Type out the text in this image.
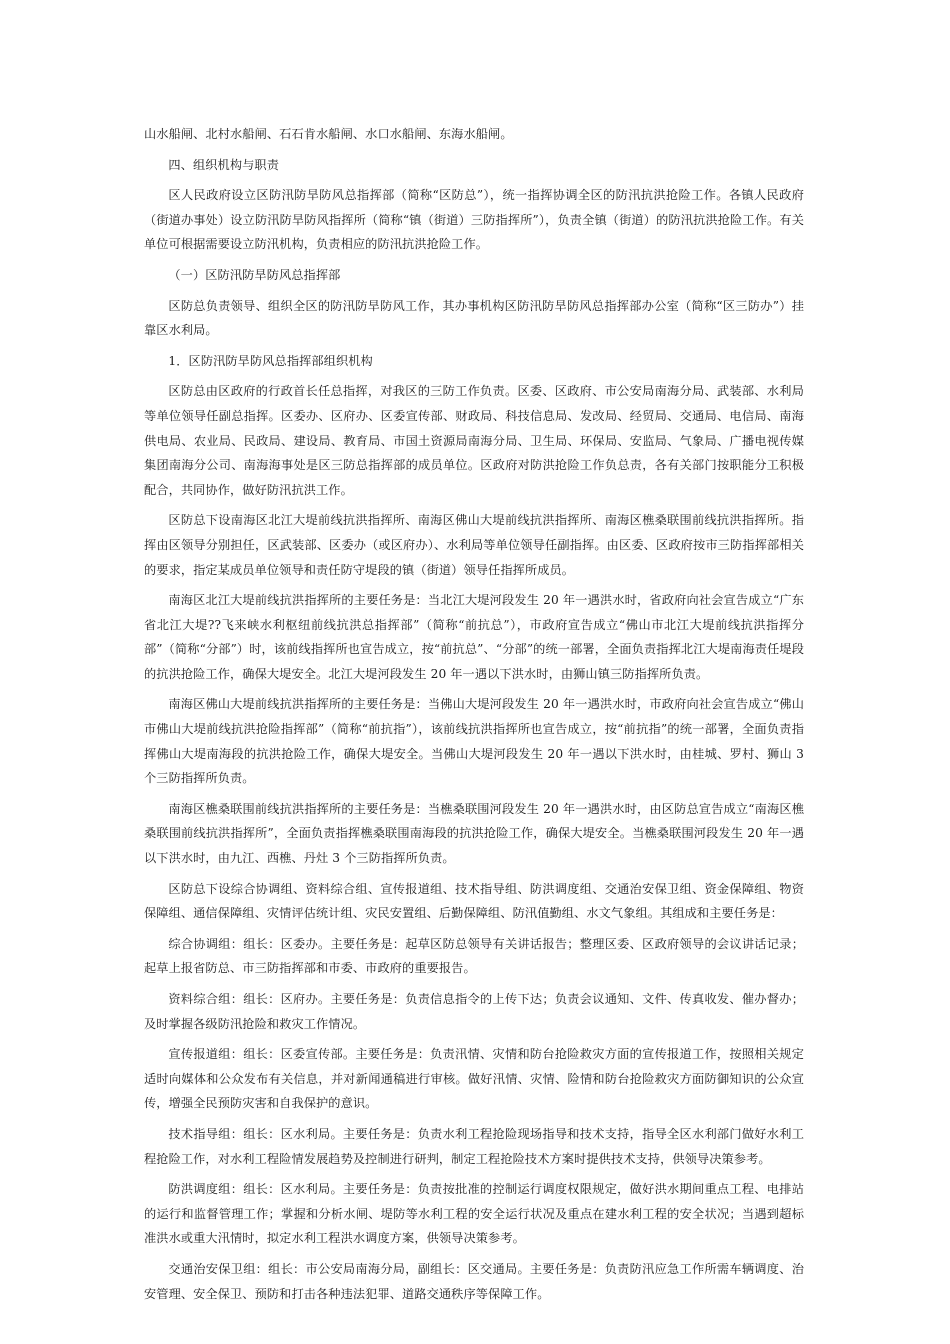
山水船闸、北村水船闸、石石肯水船闸、水口水船闸、东海水船闸。

四、组织机构与职责

区人民政府设立区防汛防旱防风总指挥部（简称“区防总”），统一指挥协调全区的防汛抗洪抢险工作。各镇人民政府（街道办事处）设立防汛防旱防风指挥所（简称“镇（街道）三防指挥所”），负责全镇（街道）的防汛抗洪抢险工作。有关单位可根据需要设立防汛机构，负责相应的防汛抗洪抢险工作。

（一）区防汛防旱防风总指挥部

区防总负责领导、组织全区的防汛防旱防风工作，其办事机构区防汛防旱防风总指挥部办公室（简称“区三防办”）挂靠区水利局。

1．区防汛防旱防风总指挥部组织机构

区防总由区政府的行政首长任总指挥，对我区的三防工作负责。区委、区政府、市公安局南海分局、武装部、水利局等单位领导任副总指挥。区委办、区府办、区委宣传部、财政局、科技信息局、发改局、经贸局、交通局、电信局、南海供电局、农业局、民政局、建设局、教育局、市国土资源局南海分局、卫生局、环保局、安监局、气象局、广播电视传媒集团南海分公司、南海海事处是区三防总指挥部的成员单位。区政府对防洪抢险工作负总责，各有关部门按职能分工积极配合，共同协作，做好防汛抗洪工作。

区防总下设南海区北江大堤前线抗洪指挥所、南海区佛山大堤前线抗洪指挥所、南海区樵桑联围前线抗洪指挥所。指挥由区领导分别担任，区武装部、区委办（或区府办）、水利局等单位领导任副指挥。由区委、区政府按市三防指挥部相关的要求，指定某成员单位领导和责任防守堤段的镇（街道）领导任指挥所成员。

南海区北江大堤前线抗洪指挥所的主要任务是：当北江大堤河段发生 20 年一遇洪水时，省政府向社会宣告成立“广东省北江大堤??飞来峡水利枢纽前线抗洪总指挥部”（简称“前抗总”），市政府宣告成立“佛山市北江大堤前线抗洪指挥分部”（简称“分部”）时，该前线指挥所也宣告成立，按“前抗总”、“分部”的统一部署，全面负责指挥北江大堤南海责任堤段的抗洪抢险工作，确保大堤安全。北江大堤河段发生 20 年一遇以下洪水时，由狮山镇三防指挥所负责。

南海区佛山大堤前线抗洪指挥所的主要任务是：当佛山大堤河段发生 20 年一遇洪水时，市政府向社会宣告成立“佛山市佛山大堤前线抗洪抢险指挥部”（简称“前抗指”），该前线抗洪指挥所也宣告成立，按“前抗指”的统一部署，全面负责指挥佛山大堤南海段的抗洪抢险工作，确保大堤安全。当佛山大堤河段发生 20 年一遇以下洪水时，由桂城、罗村、狮山 3 个三防指挥所负责。

南海区樵桑联围前线抗洪指挥所的主要任务是：当樵桑联围河段发生 20 年一遇洪水时，由区防总宣告成立“南海区樵桑联围前线抗洪指挥所”，全面负责指挥樵桑联围南海段的抗洪抢险工作，确保大堤安全。当樵桑联围河段发生 20 年一遇以下洪水时，由九江、西樵、丹灶 3 个三防指挥所负责。

区防总下设综合协调组、资料综合组、宣传报道组、技术指导组、防洪调度组、交通治安保卫组、资金保障组、物资保障组、通信保障组、灾情评估统计组、灾民安置组、后勤保障组、防汛值勤组、水文气象组。其组成和主要任务是：

综合协调组：组长：区委办。主要任务是：起草区防总领导有关讲话报告；整理区委、区政府领导的会议讲话记录；起草上报省防总、市三防指挥部和市委、市政府的重要报告。

资料综合组：组长：区府办。主要任务是：负责信息指令的上传下达；负责会议通知、文件、传真收发、催办督办；及时掌握各级防汛抢险和救灾工作情况。

宣传报道组：组长：区委宣传部。主要任务是：负责汛情、灾情和防台抢险救灾方面的宣传报道工作，按照相关规定适时向媒体和公众发布有关信息，并对新闻通稿进行审核。做好汛情、灾情、险情和防台抢险救灾方面防御知识的公众宣传，增强全民预防灾害和自我保护的意识。

技术指导组：组长：区水利局。主要任务是：负责水利工程抢险现场指导和技术支持，指导全区水利部门做好水利工程抢险工作，对水利工程险情发展趋势及控制进行研判，制定工程抢险技术方案时提供技术支持，供领导决策参考。

防洪调度组：组长：区水利局。主要任务是：负责按批准的控制运行调度权限规定，做好洪水期间重点工程、电排站的运行和监督管理工作；掌握和分析水闸、堤防等水利工程的安全运行状况及重点在建水利工程的安全状况；当遇到超标准洪水或重大汛情时，拟定水利工程洪水调度方案，供领导决策参考。

交通治安保卫组：组长：市公安局南海分局，副组长：区交通局。主要任务是：负责防汛应急工作所需车辆调度、治安管理、安全保卫、预防和打击各种违法犯罪、道路交通秩序等保障工作。
